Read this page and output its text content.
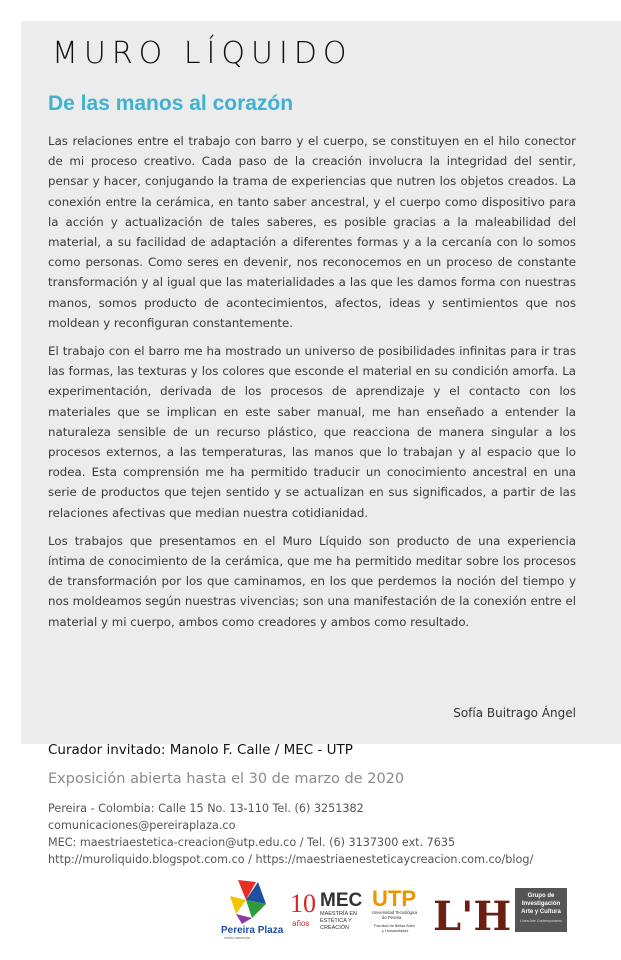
MURO LÍQUIDO
De las manos al corazón

Las relaciones entre el trabajo con barro y el cuerpo, se constituyen en el hilo conector de mi proceso creativo. Cada paso de la creación involucra la integridad del sentir, pensar y hacer, conjugando la trama de experiencias que nutren los objetos creados. La conexión entre la cerámica, en tanto saber ancestral, y el cuerpo como dispositivo para la acción y actualización de tales saberes, es posible gracias a la maleabilidad del material, a su facilidad de adaptación a diferentes formas y a la cercanía con lo somos como personas. Como seres en devenir, nos reconocemos en un proceso de constante transformación y al igual que las materialidades a las que les damos forma con nuestras manos, somos producto de acontecimientos, afectos, ideas y sentimientos que nos moldean y reconfiguran constantemente.

El trabajo con el barro me ha mostrado un universo de posibilidades infinitas para ir tras las formas, las texturas y los colores que esconde el material en su condición amorfa. La experimentación, derivada de los procesos de aprendizaje y el contacto con los materiales que se implican en este saber manual, me han enseñado a entender la naturaleza sensible de un recurso plástico, que reacciona de manera singular a los procesos externos, a las temperaturas, las manos que lo trabajan y al espacio que lo rodea. Esta comprensión me ha permitido traducir un conocimiento ancestral en una serie de productos que tejen sentido y se actualizan en sus significados, a partir de las relaciones afectivas que median nuestra cotidianidad.

Los trabajos que presentamos en el Muro Líquido son producto de una experiencia íntima de conocimiento de la cerámica, que me ha permitido meditar sobre los procesos de transformación por los que caminamos, en los que perdemos la noción del tiempo y nos moldeamos según nuestras vivencias; son una manifestación de la conexión entre el material y mi cuerpo, ambos como creadores y ambos como resultado.

Sofía Buitrago Ángel
Curador invitado: Manolo F. Calle / MEC - UTP
Exposición abierta hasta el 30 de marzo de 2020
Pereira - Colombia: Calle 15 No. 13-110 Tel. (6) 3251382
comunicaciones@pereiraplaza.co
MEC: maestriaestetica-creacion@utp.edu.co / Tel. (6) 3137300 ext. 7635
http://muroliquido.blogspot.com.co / https://maestriaenesteticaycreacion.com.co/blog/
Pereira Plaza
centro comercial
10
años
MEC
MAESTRÍA EN
ESTÉTICA Y
CREACIÓN
UTP
Universidad Tecnológica
de Pereira
Facultad de Bellas Artes
y Humanidades L'H	Grupo de
Investigación
Arte y Cultura
Línea Arte Contemporáneo
